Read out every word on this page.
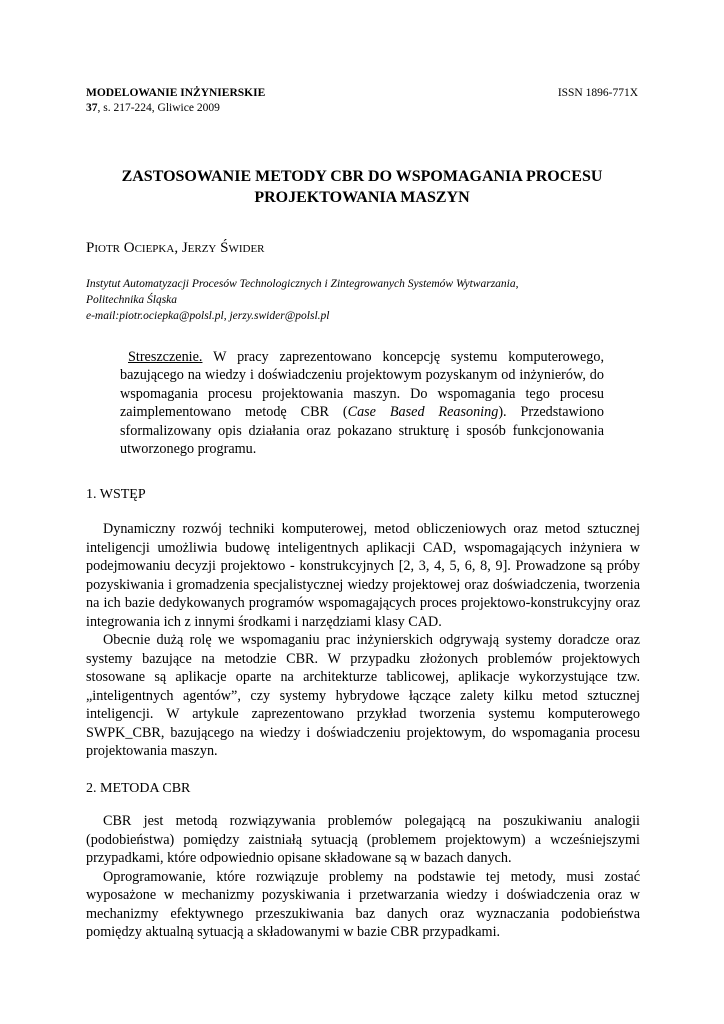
MODELOWANIE INŻYNIERSKIE	ISSN 1896-771X
37, s. 217-224, Gliwice 2009
ZASTOSOWANIE METODY CBR DO WSPOMAGANIA PROCESU
PROJEKTOWANIA MASZYN
Piotr Ociepka, Jerzy Świder
Instytut Automatyzacji Procesów Technologicznych i Zintegrowanych Systemów Wytwarzania,
Politechnika Śląska
e-mail:piotr.ociepka@polsl.pl, jerzy.swider@polsl.pl
Streszczenie. W pracy zaprezentowano koncepcję systemu komputerowego, bazującego na wiedzy i doświadczeniu projektowym pozyskanym od inżynierów, do wspomagania procesu projektowania maszyn. Do wspomagania tego procesu zaimplementowano metodę CBR (Case Based Reasoning). Przedstawiono sformalizowany opis działania oraz pokazano strukturę i sposób funkcjonowania utworzonego programu.
1. WSTĘP

Dynamiczny rozwój techniki komputerowej, metod obliczeniowych oraz metod sztucznej inteligencji umożliwia budowę inteligentnych aplikacji CAD, wspomagających inżyniera w podejmowaniu decyzji projektowo - konstrukcyjnych [2, 3, 4, 5, 6, 8, 9]. Prowadzone są próby pozyskiwania i gromadzenia specjalistycznej wiedzy projektowej oraz doświadczenia, tworzenia na ich bazie dedykowanych programów wspomagających proces projektowo-konstrukcyjny oraz integrowania ich z innymi środkami i narzędziami klasy CAD.

Obecnie dużą rolę we wspomaganiu prac inżynierskich odgrywają systemy doradcze oraz systemy bazujące na metodzie CBR. W przypadku złożonych problemów projektowych stosowane są aplikacje oparte na architekturze tablicowej, aplikacje wykorzystujące tzw. „inteligentnych agentów”, czy systemy hybrydowe łączące zalety kilku metod sztucznej inteligencji. W artykule zaprezentowano przykład tworzenia systemu komputerowego SWPK_CBR, bazującego na wiedzy i doświadczeniu projektowym, do wspomagania procesu projektowania maszyn.

2. METODA CBR

CBR jest metodą rozwiązywania problemów polegającą na poszukiwaniu analogii (podobieństwa) pomiędzy zaistniałą sytuacją (problemem projektowym) a wcześniejszymi przypadkami, które odpowiednio opisane składowane są w bazach danych.

Oprogramowanie, które rozwiązuje problemy na podstawie tej metody, musi zostać wyposażone w mechanizmy pozyskiwania i przetwarzania wiedzy i doświadczenia oraz w mechanizmy efektywnego przeszukiwania baz danych oraz wyznaczania podobieństwa pomiędzy aktualną sytuacją a składowanymi w bazie CBR przypadkami.
